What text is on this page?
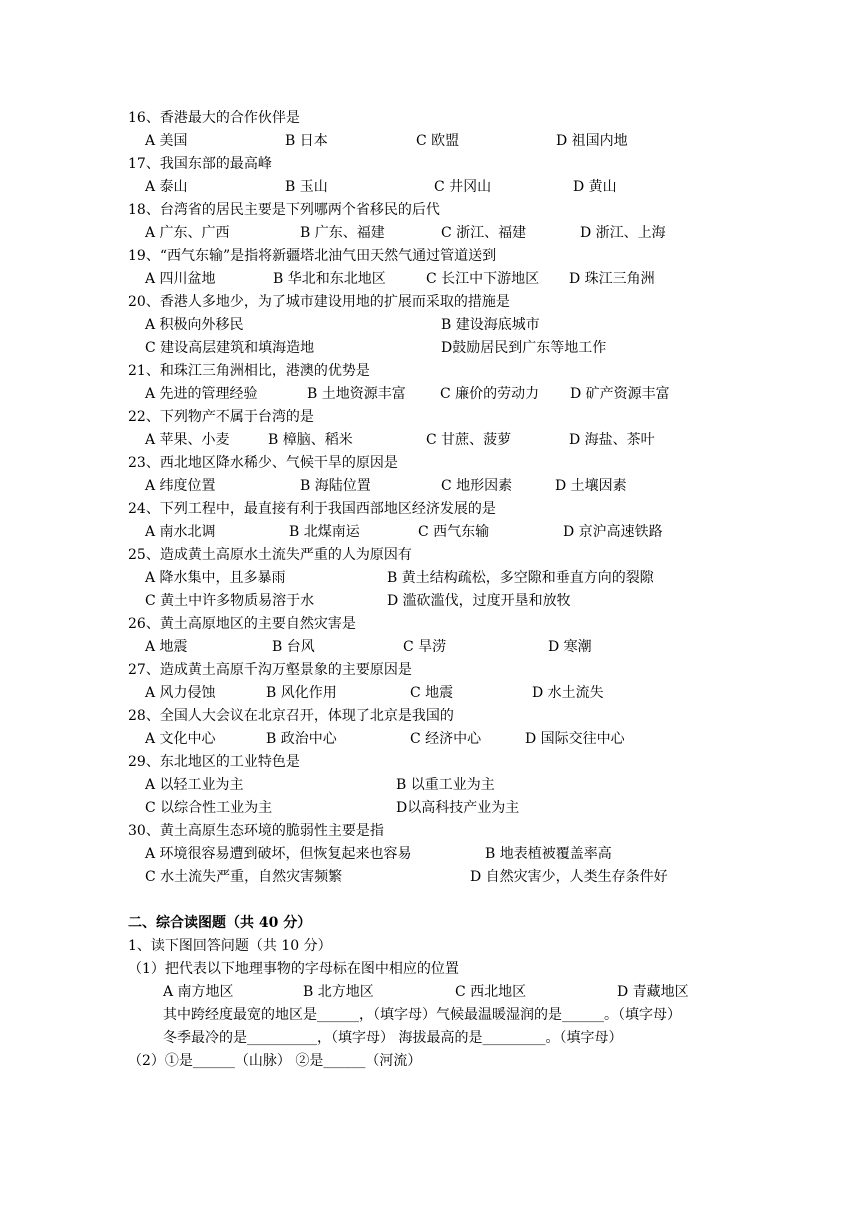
16、香港最大的合作伙伴是
A 美国	B 日本	C 欧盟	D 祖国内地
17、我国东部的最高峰
A 泰山	B 玉山	C 井冈山	D 黄山
18、台湾省的居民主要是下列哪两个省移民的后代
A 广东、广西	B 广东、福建	C 浙江、福建	D 浙江、上海
19、“西气东输”是指将新疆塔北油气田天然气通过管道送到
A 四川盆地	B 华北和东北地区	C 长江中下游地区 D 珠江三角洲
20、香港人多地少，为了城市建设用地的扩展而采取的措施是
A 积极向外移民	B 建设海底城市
C 建设高层建筑和填海造地	D鼓励居民到广东等地工作
21、和珠江三角洲相比，港澳的优势是
A 先进的管理经验	B 土地资源丰富 C 廉价的劳动力 D 矿产资源丰富
22、下列物产不属于台湾的是
A 苹果、小麦	B 樟脑、稻米	C 甘蔗、菠萝	D 海盐、茶叶
23、西北地区降水稀少、气候干旱的原因是
A 纬度位置	B 海陆位置	C 地形因素	D 土壤因素
24、下列工程中，最直接有利于我国西部地区经济发展的是
A 南水北调	B 北煤南运	C 西气东输	D 京沪高速铁路
25、造成黄土高原水土流失严重的人为原因有
A 降水集中，且多暴雨	B 黄土结构疏松，多空隙和垂直方向的裂隙
C 黄土中许多物质易溶于水	D 滥砍滥伐，过度开垦和放牧
26、黄土高原地区的主要自然灾害是
A 地震	B 台风	C 旱涝	D 寒潮
27、造成黄土高原千沟万壑景象的主要原因是
A 风力侵蚀	B 风化作用	C 地震	D 水土流失
28、全国人大会议在北京召开，体现了北京是我国的
A 文化中心	B 政治中心	C 经济中心	D 国际交往中心
29、东北地区的工业特色是
A 以轻工业为主	B 以重工业为主
C 以综合性工业为主	D以高科技产业为主
30、黄土高原生态环境的脆弱性主要是指
A 环境很容易遭到破坏，但恢复起来也容易	B 地表植被覆盖率高
C 水土流失严重，自然灾害频繁	D 自然灾害少，人类生存条件好
二、综合读图题（共 40 分）
1、读下图回答问题（共 10 分）
（1）把代表以下地理事物的字母标在图中相应的位置
A 南方地区	B 北方地区	C 西北地区	D 青藏地区
其中跨经度最宽的地区是______，（填字母）气候最温暖湿润的是______。（填字母）
冬季最冷的是__________，（填字母） 海拔最高的是_________。（填字母）
（2）①是______（山脉） ②是______（河流）
